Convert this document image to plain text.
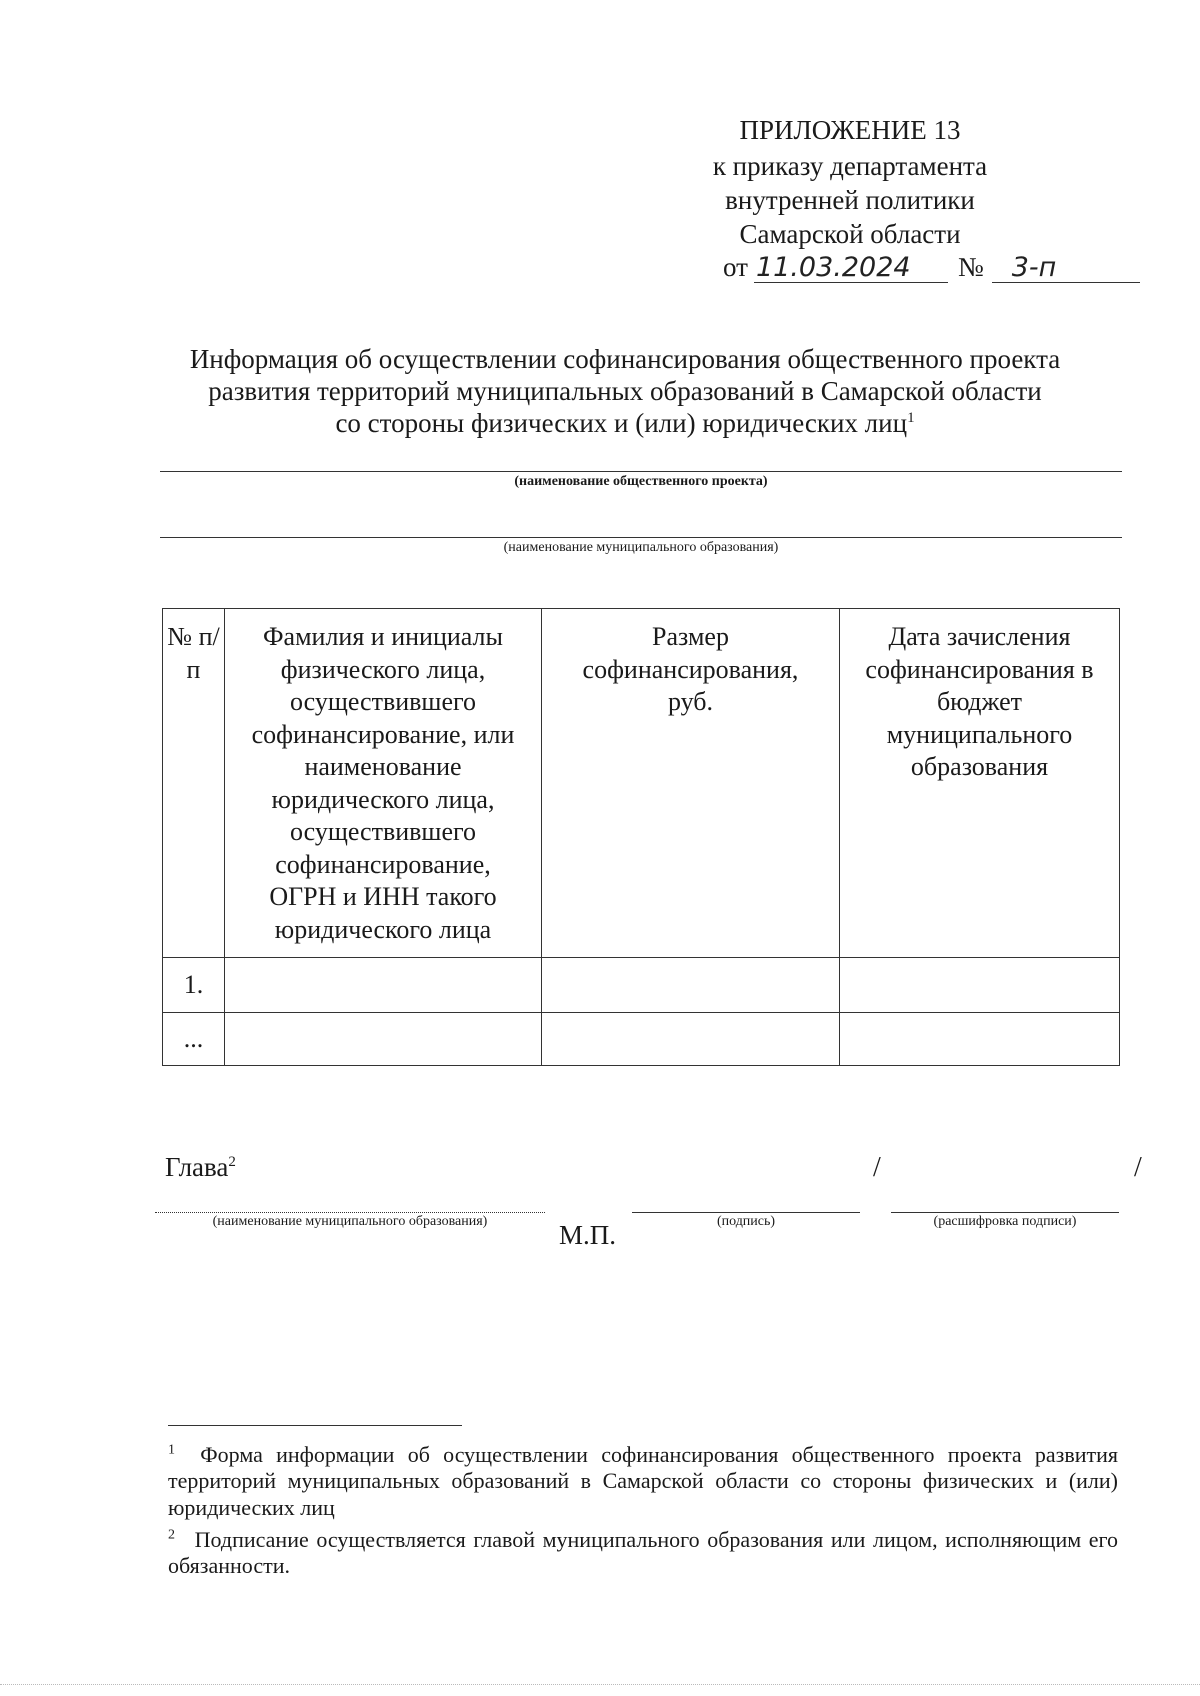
ПРИЛОЖЕНИЕ 13
к приказу департамента
внутренней политики
Самарской области
от 11.03.2024	№	3-п
Информация об осуществлении софинансирования общественного проекта
развития территорий муниципальных образований в Самарской области
со стороны физических и (или) юридических лиц$^1$
(наименование общественного проекта)
(наименование муниципального образования)
№ п/п	Фамилия и инициалы физического лица, осуществившего софинансирование, или наименование юридического лица, осуществившего софинансирование, ОГРН и ИНН такого юридического лица	Размер софинансирования, руб.	Дата зачисления софинансирования в бюджет муниципального образования
1.			
...			
Глава$^2$	/	/
(наименование муниципального образования)	М.П.	(подпись)	(расшифровка подписи)
$^1$ Форма информации об осуществлении софинансирования общественного проекта развития территорий муниципальных образований в Самарской области со стороны физических и (или) юридических лиц
$^2$ Подписание осуществляется главой муниципального образования или лицом, исполняющим его обязанности.
